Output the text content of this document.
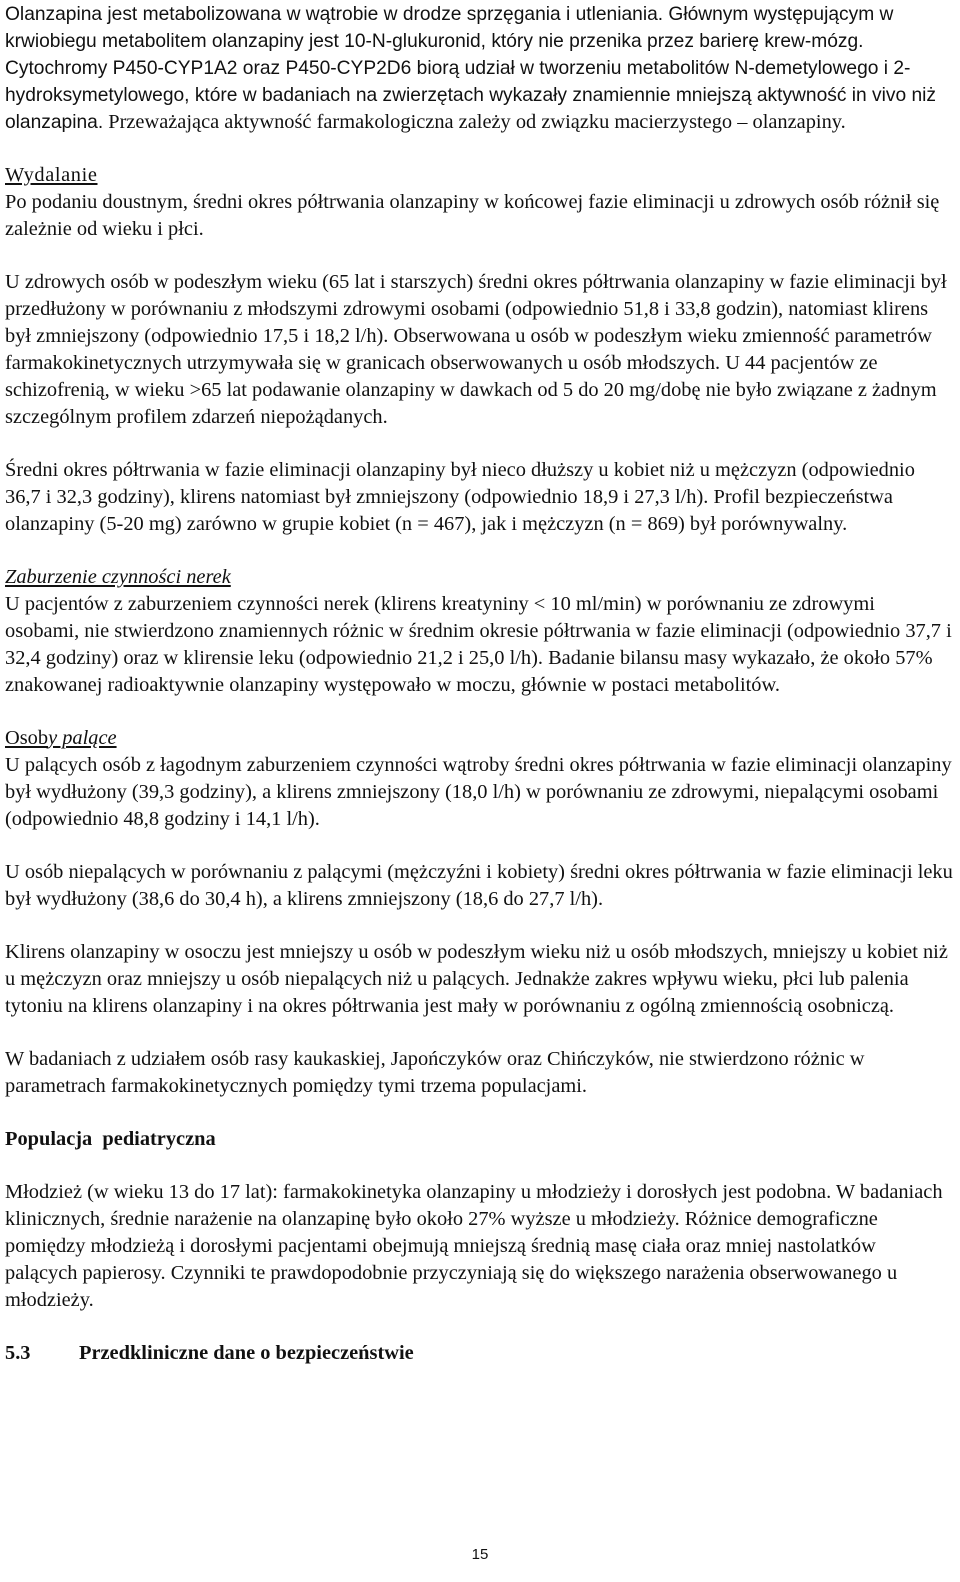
Olanzapina jest metabolizowana w wątrobie w drodze sprzęgania i utleniania. Głównym występującym w krwiobiegu metabolitem olanzapiny jest 10-N-glukuronid, który nie przenika przez barierę krew-mózg. Cytochromy P450-CYP1A2 oraz P450-CYP2D6 biorą udział w tworzeniu metabolitów N-demetylowego i 2-hydroksymetylowego, które w badaniach na zwierzętach wykazały znamiennie mniejszą aktywność in vivo niż olanzapina. Przeważająca aktywność farmakologiczna zależy od związku macierzystego – olanzapiny.

Wydalanie

Po podaniu doustnym, średni okres półtrwania olanzapiny w końcowej fazie eliminacji u zdrowych osób różnił się zależnie od wieku i płci.

U zdrowych osób w podeszłym wieku (65 lat i starszych) średni okres półtrwania olanzapiny w fazie eliminacji był przedłużony w porównaniu z młodszymi zdrowymi osobami (odpowiednio 51,8 i 33,8 godzin), natomiast klirens był zmniejszony (odpowiednio 17,5 i 18,2 l/h). Obserwowana u osób w podeszłym wieku zmienność parametrów farmakokinetycznych utrzymywała się w granicach obserwowanych u osób młodszych. U 44 pacjentów ze schizofrenią, w wieku >65 lat podawanie olanzapiny w dawkach od 5 do 20 mg/dobę nie było związane z żadnym szczególnym profilem zdarzeń niepożądanych.

Średni okres półtrwania w fazie eliminacji olanzapiny był nieco dłuższy u kobiet niż u mężczyzn (odpowiednio 36,7 i 32,3 godziny), klirens natomiast był zmniejszony (odpowiednio 18,9 i 27,3 l/h). Profil bezpieczeństwa olanzapiny (5-20 mg) zarówno w grupie kobiet (n = 467), jak i mężczyzn (n = 869) był porównywalny.

Zaburzenie czynności nerek

U pacjentów z zaburzeniem czynności nerek (klirens kreatyniny < 10 ml/min) w porównaniu ze zdrowymi osobami, nie stwierdzono znamiennych różnic w średnim okresie półtrwania w fazie eliminacji (odpowiednio 37,7 i 32,4 godziny) oraz w klirensie leku (odpowiednio 21,2 i 25,0 l/h). Badanie bilansu masy wykazało, że około 57% znakowanej radioaktywnie olanzapiny występowało w moczu, głównie w postaci metabolitów.

Osoby palące

U palących osób z łagodnym zaburzeniem czynności wątroby średni okres półtrwania w fazie eliminacji olanzapiny był wydłużony (39,3 godziny), a klirens zmniejszony (18,0 l/h) w porównaniu ze zdrowymi, niepalącymi osobami (odpowiednio 48,8 godziny i 14,1 l/h).

U osób niepalących w porównaniu z palącymi (mężczyźni i kobiety) średni okres półtrwania w fazie eliminacji leku był wydłużony (38,6 do 30,4 h), a klirens zmniejszony (18,6 do 27,7 l/h).

Klirens olanzapiny w osoczu jest mniejszy u osób w podeszłym wieku niż u osób młodszych, mniejszy u kobiet niż u mężczyzn oraz mniejszy u osób niepalących niż u palących. Jednakże zakres wpływu wieku, płci lub palenia tytoniu na klirens olanzapiny i na okres półtrwania jest mały w porównaniu z ogólną zmiennością osobniczą.

W badaniach z udziałem osób rasy kaukaskiej, Japończyków oraz Chińczyków, nie stwierdzono różnic w parametrach farmakokinetycznych pomiędzy tymi trzema populacjami.

Populacja  pediatryczna

Młodzież (w wieku 13 do 17 lat): farmakokinetyka olanzapiny u młodzieży i dorosłych jest podobna. W badaniach klinicznych, średnie narażenie na olanzapinę było około 27% wyższe u młodzieży. Różnice demograficzne pomiędzy młodzieżą i dorosłymi pacjentami obejmują mniejszą średnią masę ciała oraz mniej nastolatków palących papierosy. Czynniki te prawdopodobnie przyczyniają się do większego narażenia obserwowanego u młodzieży.

5.3	Przedkliniczne dane o bezpieczeństwie
15
